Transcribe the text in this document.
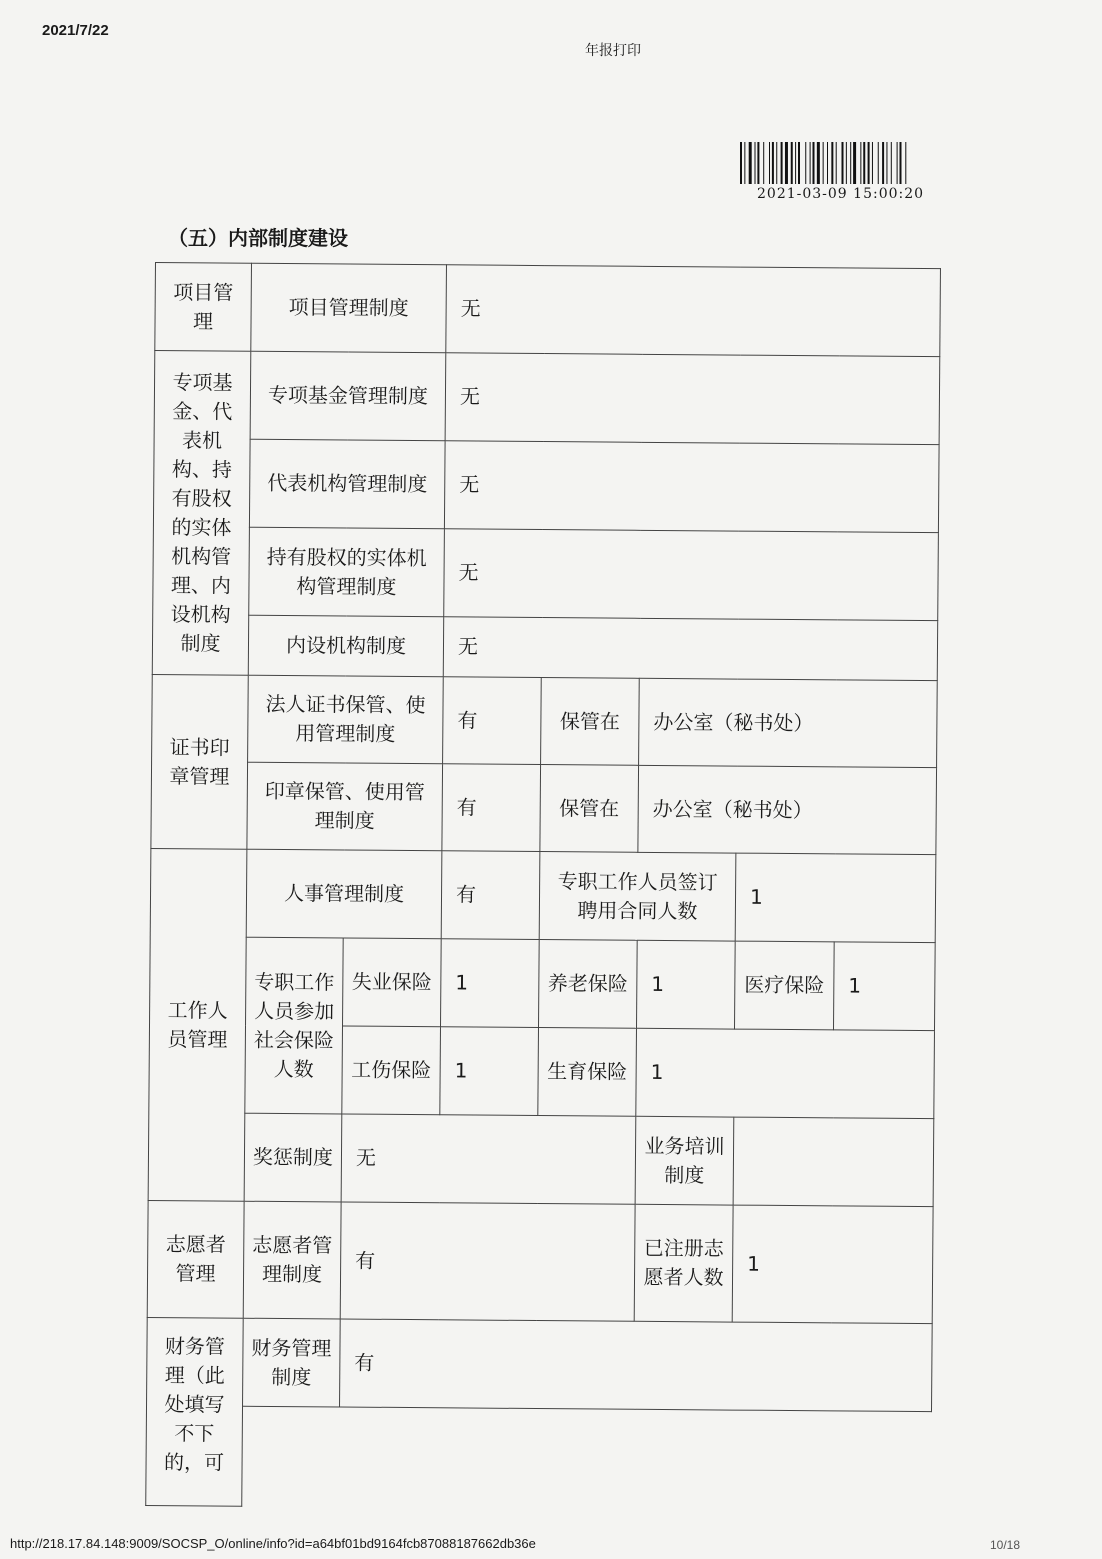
2021/7/22
年报打印
2021-03-09 15:00:20
（五）内部制度建设
项目管理	项目管理制度		无				
专项基金、代表机构、持有股权的实体机构管理、内设机构制度	专项基金管理制度		无				
	代表机构管理制度		无				
	持有股权的实体机构管理制度		无				
	内设机构制度		无				
证书印章管理	法人证书保管、使用管理制度		有	保管在	办公室（秘书处）		
	印章保管、使用管理制度		有	保管在	办公室（秘书处）		
工作人员管理	人事管理制度		有	专职工作人员签订聘用合同人数		1	
	专职工作人员参加社会保险人数	失业保险	1	养老保险	1	医疗保险	1
		工伤保险	1	生育保险	1		
	奖惩制度	无			业务培训制度		
志愿者管理	志愿者管理制度	有			已注册志愿者人数	1	
财务管理（此处填写不下的，可	财务管理制度	有					

http://218.17.84.148:9009/SOCSP_O/online/info?id=a64bf01bd9164fcb87088187662db36e	10/18
